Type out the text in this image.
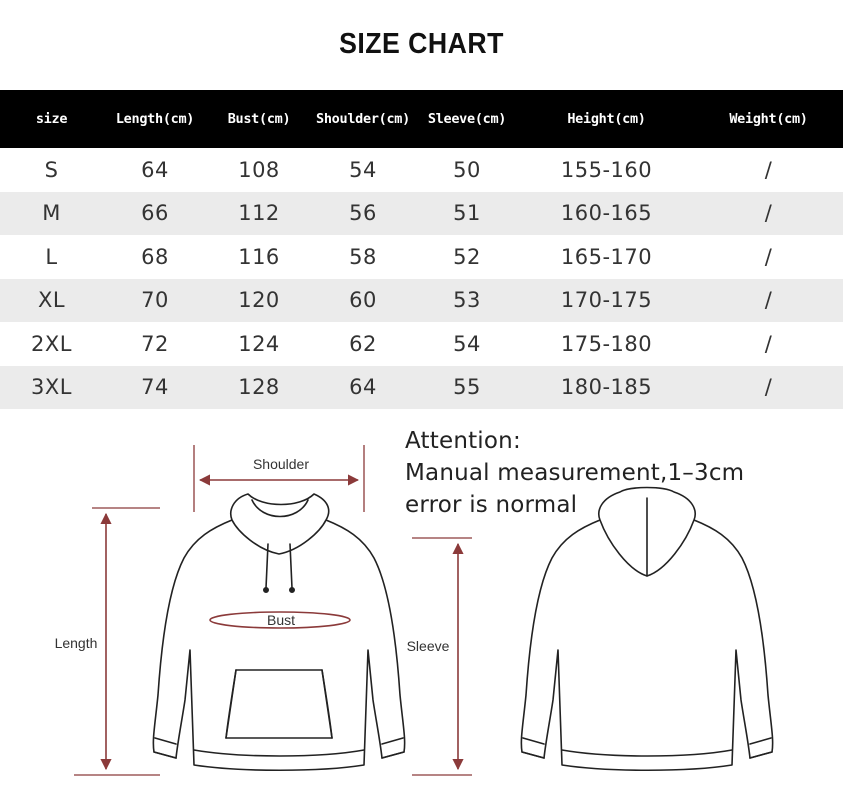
SIZE CHART
size	Length(cm)	Bust(cm)	Shoulder(cm)	Sleeve(cm)	Height(cm)	Weight(cm)
S	64	108	54	50	155-160	/
M	66	112	56	51	160-165	/
L	68	116	58	52	165-170	/
XL	70	120	60	53	170-175	/
2XL	72	124	62	54	175-180	/
3XL	74	128	64	55	180-185	/
Attention:
Manual measurement,1–3cm
error is normal
Shoulder
Bust
Length	Sleeve
